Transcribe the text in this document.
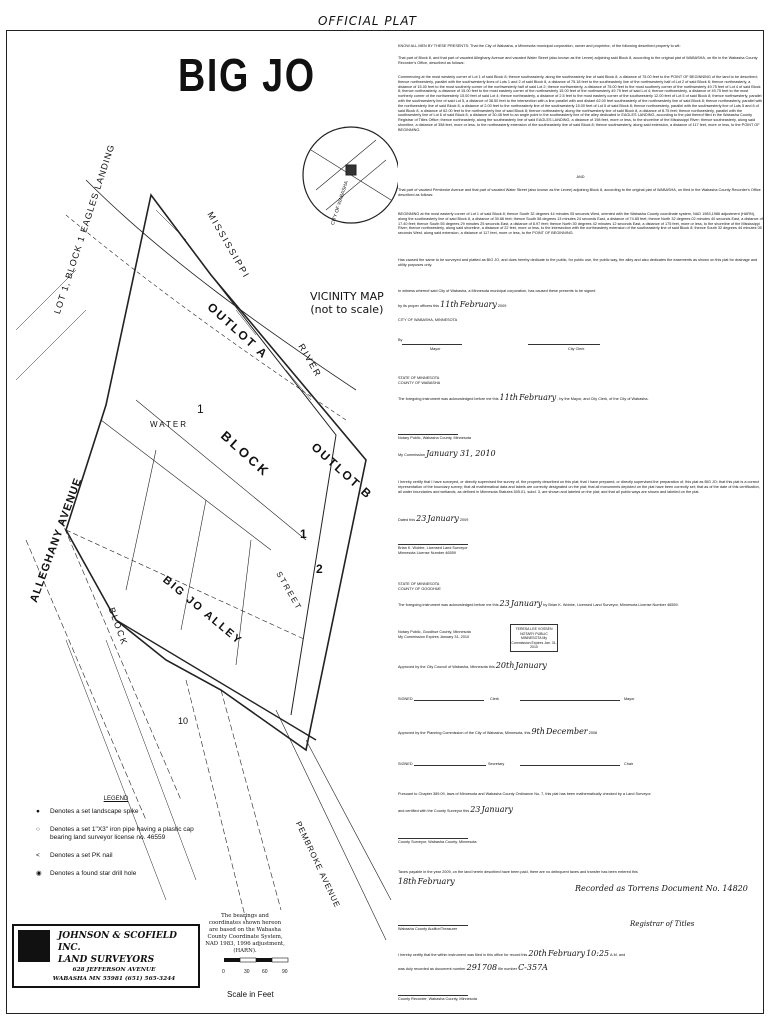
OFFICIAL PLAT
BIG JO
OUTLOT A
OUTLOT B
BLOCK
1
1
2
BIG JO ALLEY
ALLEGHANY AVENUE
PEMBROKE AVENUE
STREET
WATER
RIVER
MISSISSIPPI
BLOCK
10
LOT 1, BLOCK 1 EAGLES LANDING	VICINITY MAP
(not to scale)
CITY OF WABASHA
KNOW ALL MEN BY THESE PRESENTS: That the City of Wabasha, a Minnesota municipal corporation, owner and proprietor, of the following described property to wit:
That part of Block 8, and that part of vacated Alleghany Avenue and vacated Water Street (also known as the Levee) adjoining said Block 8, according to the original plat of WABASHA, on file in the Wabasha County Recorder's Office, described as follows:
Commencing at the most westerly corner of Lot 1 of said Block 8; thence southeasterly, along the southeasterly line of said Block 8, a distance of 75.00 feet to the POINT OF BEGINNING of the land to be described; thence northwesterly, parallel with the southwesterly lines of Lots 1 and 2 of said Block 8, a distance of 75.18 feet to the southeasterly line of the northwesterly half of Lot 2 of said Block 8; thence northeasterly, a distance of 15.00 feet to the most southerly corner of the northwesterly half of said Lot 2; thence northwesterly, a distance of 75.00 feet to the most southerly corner of the northwesterly 49.75 feet of Lot 4 of said Block 8; thence northeasterly, a distance of 15.00 feet to the most easterly corner of the northwesterly 15.00 feet of the northwesterly 49.75 feet of said Lot 4; thence northwesterly, a distance of 49.75 feet to the most northerly corner of the northwesterly 15.00 feet of said Lot 4; thence northeasterly, a distance of 2.5 feet to the most easterly corner of the southwesterly 12.00 feet of Lot 5 of said Block 8; thence northwesterly, parallel with the southwesterly line of said Lot 5, a distance of 38.50 feet to the intersection with a line parallel with and distant 62.00 feet southeasterly of the northwesterly line of said Block 8; thence northeasterly, parallel with the northwesterly line of said Block 8, a distance of 2.00 feet to the northeasterly line of the southwesterly 15.00 feet of Lot 5 of said Block 8; thence northwesterly, parallel with the southwesterly line of Lots 5 and 6 of said Block 8, a distance of 62.00 feet to the northwesterly line of said Block 8; thence northeasterly, along the northwesterly line of said Block 8, a distance of 8.75 feet; thence northwesterly, parallel with the southwesterly line of Lot 6 of said Block 8, a distance of 30.48 feet to an angle point in the southeasterly line of the alley dedicated in EAGLES LANDING, according to the plat thereof filed in the Wabasha County Registrar of Titles Office; thence northeasterly, along the southeasterly line of said EAGLES LANDING, a distance of 198 feet, more or less, to the shoreline of the Mississippi River; thence southeasterly, along said shoreline, a distance of 358 feet, more or less, to the northeasterly extension of the southeasterly line of said Block 8; thence southwesterly, along said extension, a distance of 117 feet, more or less, to the POINT OF BEGINNING.
AND
That part of vacated Pembroke Avenue and that part of vacated Water Street (also known as the Levee) adjoining Block 8, according to the original plat of WABASHA, on filed in the Wabasha County Recorder's Office described as follows:
BEGINNING at the most easterly corner of Lot 1 of said Block 8; thence South 32 degrees 44 minutes 05 seconds West, oriented with the Wabasha County coordinate system, NAD 1983,1986 adjustment (HARN), along the southeasterly line of said Block 8, a distance of 30.66 feet; thence South 58 degrees 13 minutes 24 seconds East, a distance of 74.85 feet; thence North 32 degrees 02 minutes 40 seconds East, a distance of 17.40 feet; thence South 55 degrees 29 minutes 25 seconds East, a distance of 6.97 feet; thence North 30 degrees 42 minutes 12 seconds East, a distance of 175 feet, more or less, to the shoreline of the Mississippi River; thence northwesterly, along said shoreline, a distance of 22 feet, more or less, to the intersection with the northeasterly extension of the southeasterly line of said Block 8; thence South 32 degrees 44 minutes 05 seconds West, along said extension, a distance of 117 feet, more or less, to the POINT OF BEGINNING.
Has caused the same to be surveyed and platted as BIG JO, and does hereby dedicate to the public, for public use, the public way, the alley and also dedicates the easements as shown on this plat for drainage and utility purposes only.
In witness whereof said City of Wabasha, a Minnesota municipal corporation, has caused these presents to be signed
by its proper officers this 11th February 2009
CITY OF WABASHA, MINNESOTA
By
Mayor	City Clerk
STATE OF MINNESOTA
COUNTY OF WABASHA
The foregoing instrument was acknowledged before me this 11th February , by the Mayor, and City Clerk, of the City of Wabasha.
Notary Public, Wabasha County, Minnesota
My Commission January 31, 2010
I hereby certify that I have surveyed, or directly supervised the survey of, the property described on this plat; that I have prepared, or directly supervised the preparation of, this plat as BIG JO; that this plat is a correct representation of the boundary survey; that all mathematical data and labels are correctly designated on the plat; that all monuments depicted on the plat have been correctly set; that as of the date of this certification, all water boundaries and wetlands, as defined in Minnesota Statutes 505.01, subd. 3, are shown and labeled on the plat; and that all public ways are shown and labeled on the plat.
Dated this 23 January 2009
Brian K. Wobbe, Licensed Land Surveyor
Minnesota License Number 46559
STATE OF MINNESOTA
COUNTY OF GOODHUE
The foregoing instrument was acknowledged before me this 23 January by Brian K. Wobbe, Licensed Land Surveyor, Minnesota License Number 46559.
Notary Public, Goodhue County, Minnesota
My Commission Expires January 31, 2010
TERESA LEE VOSSEN NOTARY PUBLIC MINNESOTA My Commission Expires Jan. 31, 2010
Approved by the City Council of Wabasha, Minnesota this 20th January
SIGNED	Clerk	Mayor
Approved by the Planning Commission of the City of Wabasha, Minnesota, this 9th December 2008
SIGNED	Secretary	Chair
Pursuant to Chapter 389.09, laws of Minnesota and Wabasha County Ordinance No. 7, this plat has been mathematically checked by a Land Surveyor
and certified with the County Surveyor this 23 January
County Surveyor, Wabasha County, Minnesota
Taxes payable in the year 2009, on the land herein described have been paid, there are no delinquent taxes and transfer has been entered this
18th February
Wabasha County Auditor/Treasurer
Recorded as Torrens Document No. 14820
Registrar of Titles
I hereby certify that the within instrument was filed in this office for record this 20th February 10:25 A.M. and
was duly recorded as document number 291708 file number C-357A
County Recorder, Wabasha County, Minnesota
LEGEND
●	Denotes a set landscape spike
○	Denotes a set 1"X3" iron pipe having a plastic cap bearing land surveyor license no. 46559
<	Denotes a set PK nail
◉	Denotes a found star drill hole
JOHNSON & SCOFIELD INC.
LAND SURVEYORS
628 JEFFERSON AVENUE
WABASHA MN 55981 (651) 565-3244
The bearings and coordinates shown hereon are based on the Wabasha County Coordinate System, NAD 1983, 1996 adjustment, (HARN).
0	30 60	90
Scale in Feet
